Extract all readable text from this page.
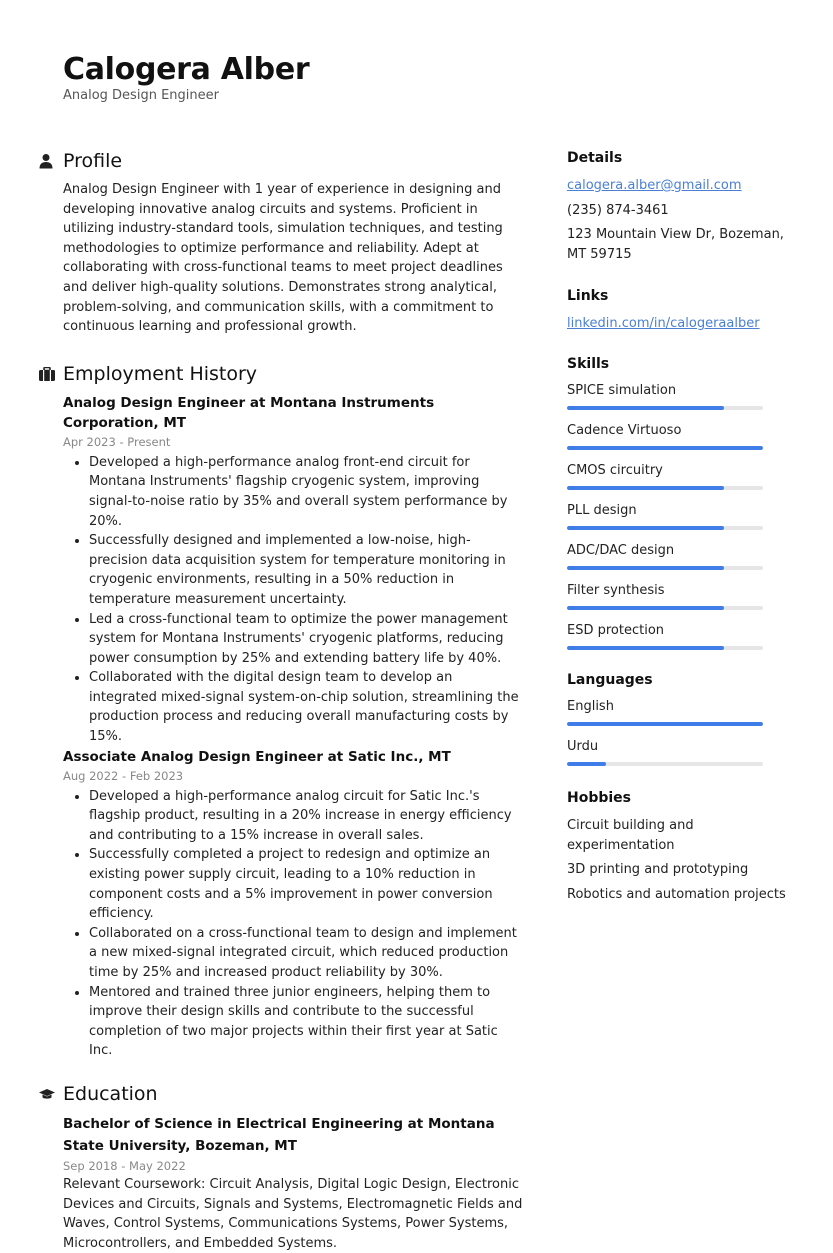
Calogera Alber
Analog Design Engineer
Profile
Analog Design Engineer with 1 year of experience in designing and developing innovative analog circuits and systems. Proficient in utilizing industry-standard tools, simulation techniques, and testing methodologies to optimize performance and reliability. Adept at collaborating with cross-functional teams to meet project deadlines and deliver high-quality solutions. Demonstrates strong analytical, problem-solving, and communication skills, with a commitment to continuous learning and professional growth.
Employment History
Analog Design Engineer at Montana Instruments Corporation, MT
Apr 2023 - Present
• Developed a high-performance analog front-end circuit for Montana Instruments' flagship cryogenic system, improving signal-to-noise ratio by 35% and overall system performance by 20%.
• Successfully designed and implemented a low-noise, high-precision data acquisition system for temperature monitoring in cryogenic environments, resulting in a 50% reduction in temperature measurement uncertainty.
• Led a cross-functional team to optimize the power management system for Montana Instruments' cryogenic platforms, reducing power consumption by 25% and extending battery life by 40%.
• Collaborated with the digital design team to develop an integrated mixed-signal system-on-chip solution, streamlining the production process and reducing overall manufacturing costs by 15%.
Associate Analog Design Engineer at Satic Inc., MT
Aug 2022 - Feb 2023
• Developed a high-performance analog circuit for Satic Inc.'s flagship product, resulting in a 20% increase in energy efficiency and contributing to a 15% increase in overall sales.
• Successfully completed a project to redesign and optimize an existing power supply circuit, leading to a 10% reduction in component costs and a 5% improvement in power conversion efficiency.
• Collaborated on a cross-functional team to design and implement a new mixed-signal integrated circuit, which reduced production time by 25% and increased product reliability by 30%.
• Mentored and trained three junior engineers, helping them to improve their design skills and contribute to the successful completion of two major projects within their first year at Satic Inc.
Education
Bachelor of Science in Electrical Engineering at Montana State University, Bozeman, MT
Sep 2018 - May 2022
Relevant Coursework: Circuit Analysis, Digital Logic Design, Electronic Devices and Circuits, Signals and Systems, Electromagnetic Fields and Waves, Control Systems, Communications Systems, Power Systems, Microcontrollers, and Embedded Systems.
Details
calogera.alber@gmail.com
(235) 874-3461
123 Mountain View Dr, Bozeman, MT 59715
Links
linkedin.com/in/calogeraalber
Skills
SPICE simulation
Cadence Virtuoso
CMOS circuitry
PLL design
ADC/DAC design
Filter synthesis
ESD protection
Languages
English
Urdu
Hobbies
Circuit building and experimentation
3D printing and prototyping
Robotics and automation projects
